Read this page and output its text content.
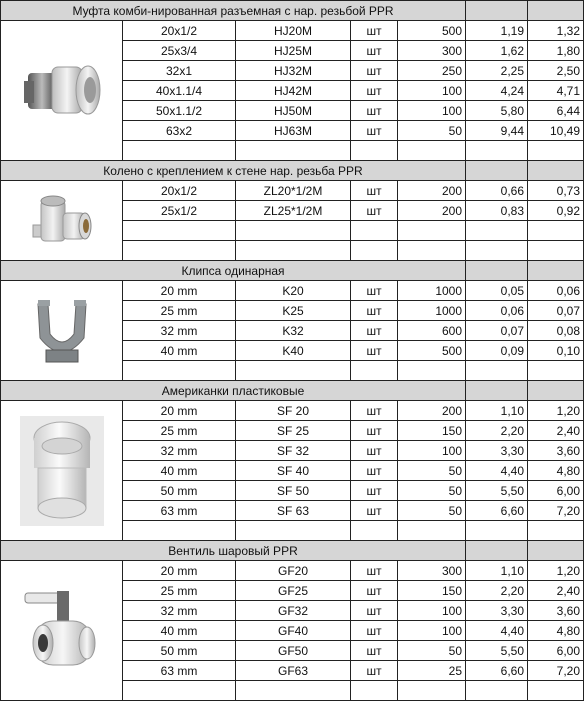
Муфта комби-нированная разъемная с нар. резьбой PPR						

	20x1/2	HJ20M	шт	500	1,19	1,32
	25x3/4	HJ25M	шт	300	1,62	1,80
	32x1	HJ32M	шт	250	2,25	2,50
	40x1.1/4	HJ42M	шт	100	4,24	4,71
	50x1.1/2	HJ50M	шт	100	5,80	6,44
	63x2	HJ63M	шт	50	9,44	10,49

Колено с креплением к стене нар. резьба PPR						

	20x1/2	ZL20*1/2M	шт	200	0,66	0,73
	25x1/2	ZL25*1/2M	шт	200	0,83	0,92

Клипса одинарная						

	20 mm	K20	шт	1000	0,05	0,06
	25 mm	K25	шт	1000	0,06	0,07
	32 mm	K32	шт	600	0,07	0,08
	40 mm	K40	шт	500	0,09	0,10

Американки пластиковые						

	20 mm	SF 20	шт	200	1,10	1,20
	25 mm	SF 25	шт	150	2,20	2,40
	32 mm	SF 32	шт	100	3,30	3,60
	40 mm	SF 40	шт	50	4,40	4,80
	50 mm	SF 50	шт	50	5,50	6,00
	63 mm	SF 63	шт	50	6,60	7,20

Вентиль шаровый PPR						

	20 mm	GF20	шт	300	1,10	1,20
	25 mm	GF25	шт	150	2,20	2,40
	32 mm	GF32	шт	100	3,30	3,60
	40 mm	GF40	шт	100	4,40	4,80
	50 mm	GF50	шт	50	5,50	6,00
	63 mm	GF63	шт	25	6,60	7,20
